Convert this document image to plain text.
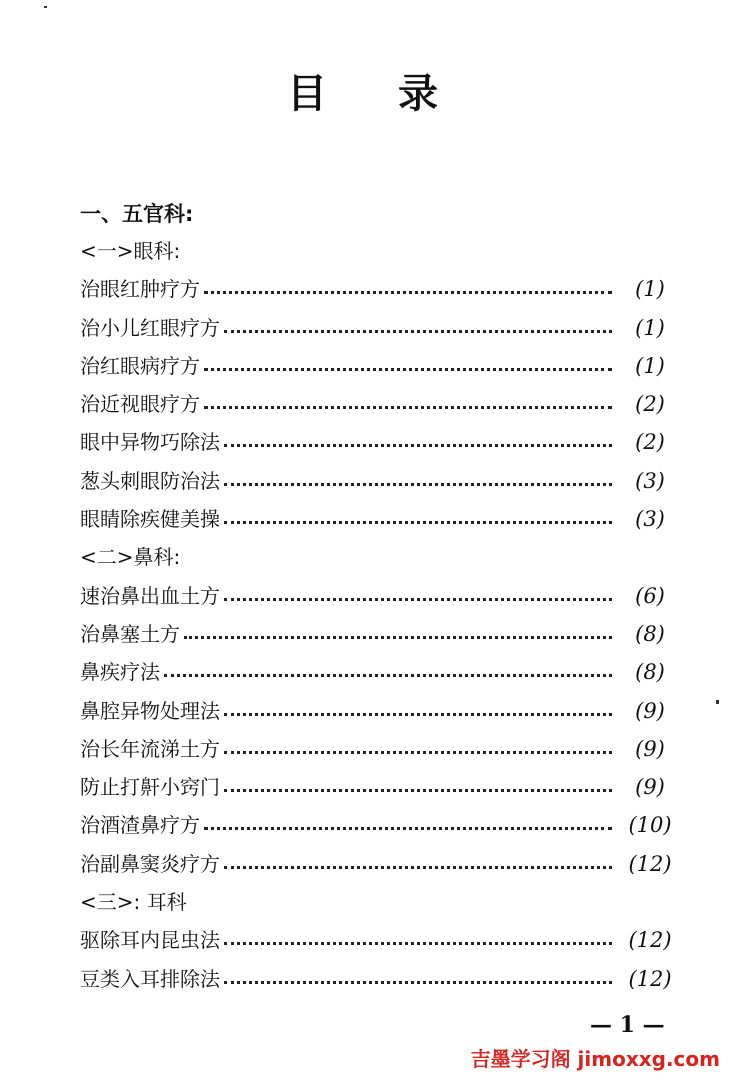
目 录
一、五官科:
<一>眼科:
治眼红肿疗方	(1)
治小儿红眼疗方	(1)
治红眼病疗方	(1)
治近视眼疗方	(2)
眼中异物巧除法	(2)
葱头刺眼防治法	(3)
眼睛除疾健美操	(3)
<二>鼻科:
速治鼻出血土方	(6)
治鼻塞土方	(8)
鼻疾疗法	(8)
鼻腔异物处理法	(9)
治长年流涕土方	(9)
防止打鼾小窍门	(9)
治酒渣鼻疗方	(10)
治副鼻窦炎疗方	(12)
<三>: 耳科
驱除耳内昆虫法	(12)
豆类入耳排除法	(12)
— 1 —
吉墨学习阁 jimoxxg.com
